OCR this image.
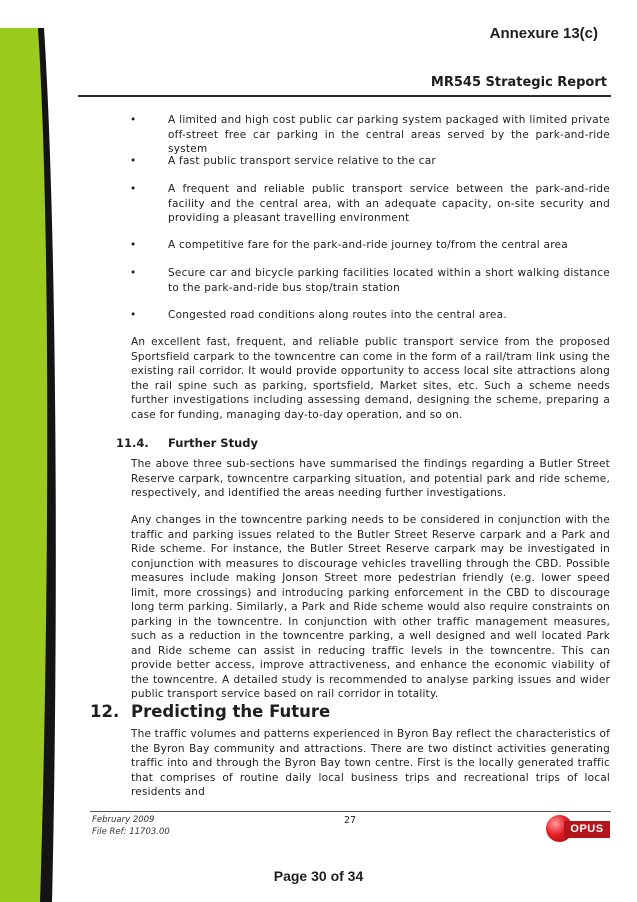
Annexure 13(c)
MR545 Strategic Report
•	A limited and high cost public car parking system packaged with limited private off-street free car parking in the central areas served by the park-and-ride system
•	A fast public transport service relative to the car
•	A frequent and reliable public transport service between the park-and-ride facility and the central area, with an adequate capacity, on-site security and providing a pleasant travelling environment
•	A competitive fare for the park-and-ride journey to/from the central area
•	Secure car and bicycle parking facilities located within a short walking distance to the park-and-ride bus stop/train station
•	Congested road conditions along routes into the central area.
An excellent fast, frequent, and reliable public transport service from the proposed Sportsfield carpark to the towncentre can come in the form of a rail/tram link using the existing rail corridor. It would provide opportunity to access local site attractions along the rail spine such as parking, sportsfield, Market sites, etc. Such a scheme needs further investigations including assessing demand, designing the scheme, preparing a case for funding, managing day-to-day operation, and so on.
11.4. Further Study
The above three sub-sections have summarised the findings regarding a Butler Street Reserve carpark, towncentre carparking situation, and potential park and ride scheme, respectively, and identified the areas needing further investigations.
Any changes in the towncentre parking needs to be considered in conjunction with the traffic and parking issues related to the Butler Street Reserve carpark and a Park and Ride scheme. For instance, the Butler Street Reserve carpark may be investigated in conjunction with measures to discourage vehicles travelling through the CBD. Possible measures include making Jonson Street more pedestrian friendly (e.g. lower speed limit, more crossings) and introducing parking enforcement in the CBD to discourage long term parking. Similarly, a Park and Ride scheme would also require constraints on parking in the towncentre. In conjunction with other traffic management measures, such as a reduction in the towncentre parking, a well designed and well located Park and Ride scheme can assist in reducing traffic levels in the towncentre. This can provide better access, improve attractiveness, and enhance the economic viability of the towncentre. A detailed study is recommended to analyse parking issues and wider public transport service based on rail corridor in totality.
12. Predicting the Future
The traffic volumes and patterns experienced in Byron Bay reflect the characteristics of the Byron Bay community and attractions. There are two distinct activities generating traffic into and through the Byron Bay town centre. First is the locally generated traffic that comprises of routine daily local business trips and recreational trips of local residents and
February 2009
File Ref: 11703.00
27
OPUS
Page 30 of 34
